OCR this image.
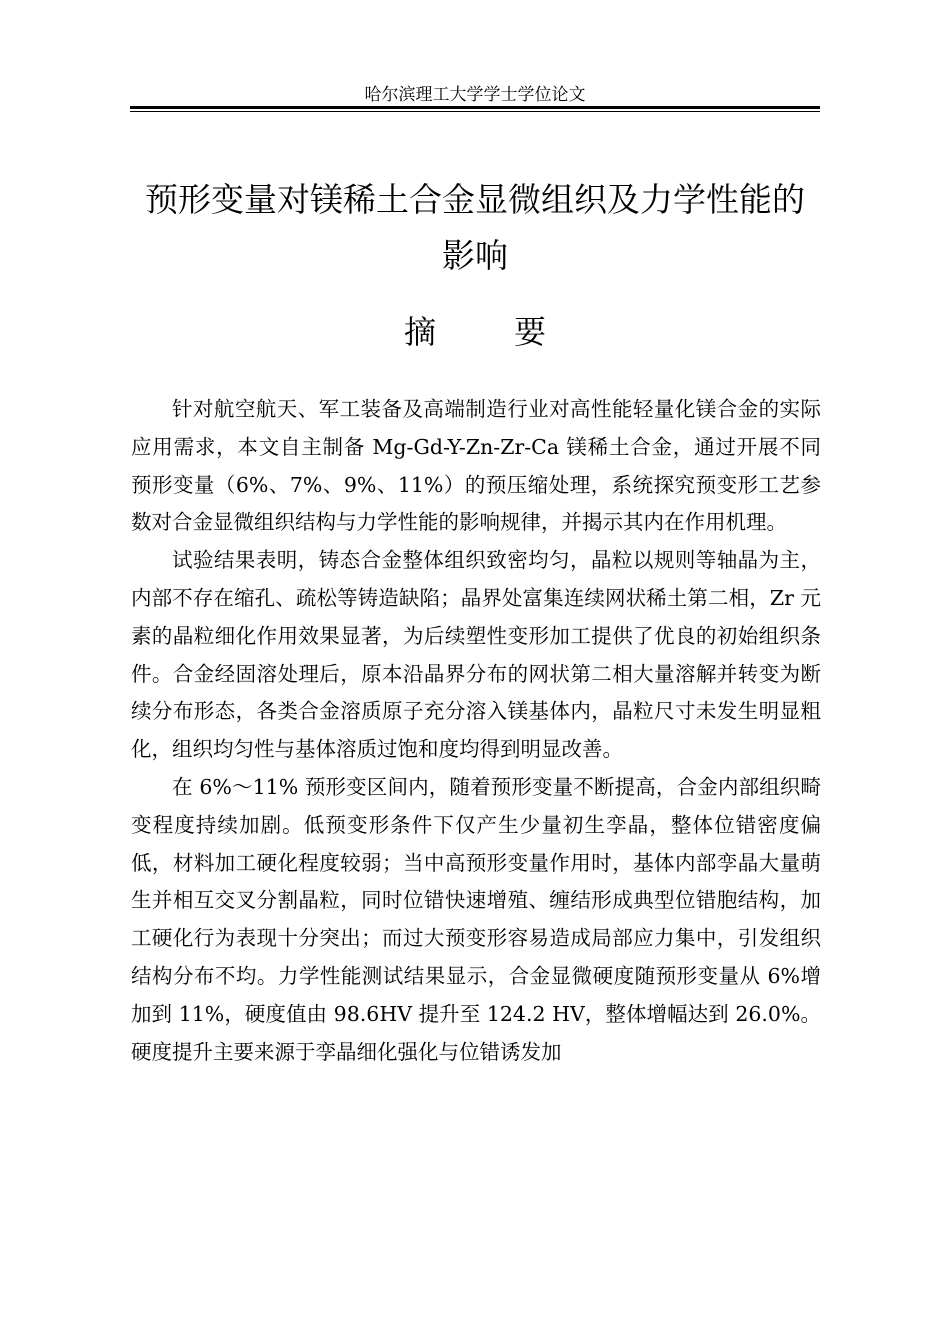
哈尔滨理工大学学士学位论文
预形变量对镁稀土合金显微组织及力学性能的
影响
摘要

针对航空航天、军工装备及高端制造行业对高性能轻量化镁合金的实际应用需求，本文自主制备 Mg-Gd-Y-Zn-Zr-Ca 镁稀土合金，通过开展不同预形变量（6%、7%、9%、11%）的预压缩处理，系统探究预变形工艺参数对合金显微组织结构与力学性能的影响规律，并揭示其内在作用机理。

试验结果表明，铸态合金整体组织致密均匀，晶粒以规则等轴晶为主，内部不存在缩孔、疏松等铸造缺陷；晶界处富集连续网状稀土第二相，Zr 元素的晶粒细化作用效果显著，为后续塑性变形加工提供了优良的初始组织条件。合金经固溶处理后，原本沿晶界分布的网状第二相大量溶解并转变为断续分布形态，各类合金溶质原子充分溶入镁基体内，晶粒尺寸未发生明显粗化，组织均匀性与基体溶质过饱和度均得到明显改善。

在 6%～11% 预形变区间内，随着预形变量不断提高，合金内部组织畸变程度持续加剧。低预变形条件下仅产生少量初生孪晶，整体位错密度偏低，材料加工硬化程度较弱；当中高预形变量作用时，基体内部孪晶大量萌生并相互交叉分割晶粒，同时位错快速增殖、缠结形成典型位错胞结构，加工硬化行为表现十分突出；而过大预变形容易造成局部应力集中，引发组织结构分布不均。力学性能测试结果显示，合金显微硬度随预形变量从 6%增加到 11%，硬度值由 98.6HV 提升至 124.2 HV，整体增幅达到 26.0%。硬度提升主要来源于孪晶细化强化与位错诱发加
